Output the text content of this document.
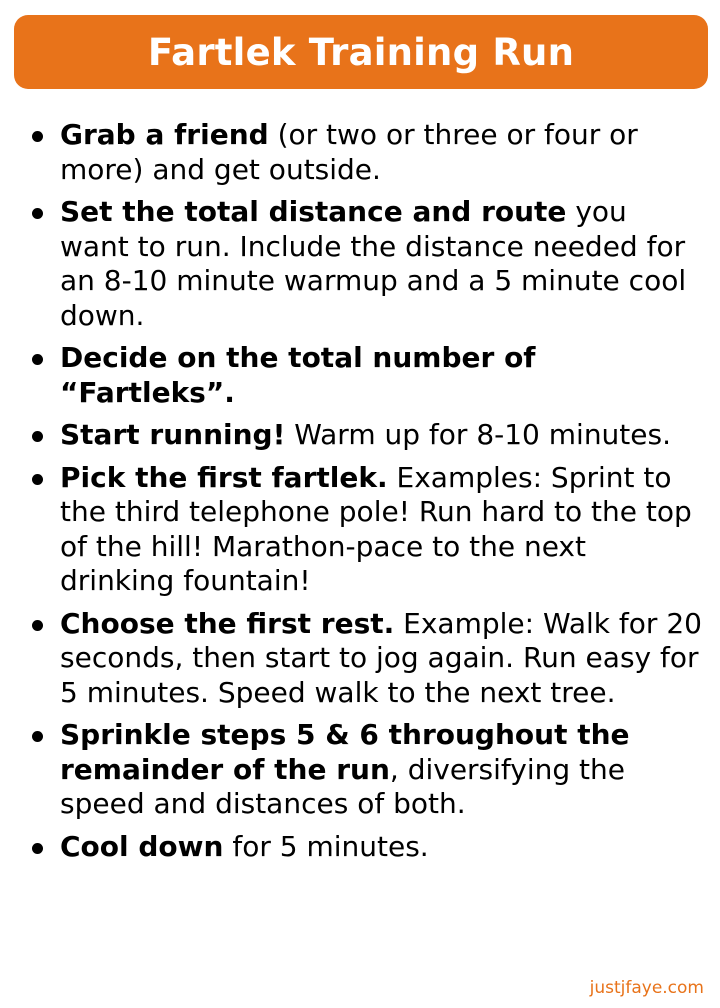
Fartlek Training Run
Grab a friend (or two or three or four or more) and get outside.
Set the total distance and route you want to run. Include the distance needed for an 8-10 minute warmup and a 5 minute cool down.
Decide on the total number of “Fartleks”.
Start running! Warm up for 8-10 minutes.
Pick the first fartlek. Examples: Sprint to the third telephone pole! Run hard to the top of the hill! Marathon-pace to the next drinking fountain!
Choose the first rest. Example: Walk for 20 seconds, then start to jog again. Run easy for 5 minutes. Speed walk to the next tree.
Sprinkle steps 5 & 6 throughout the remainder of the run, diversifying the speed and distances of both.
Cool down for 5 minutes.
justjfaye.com
